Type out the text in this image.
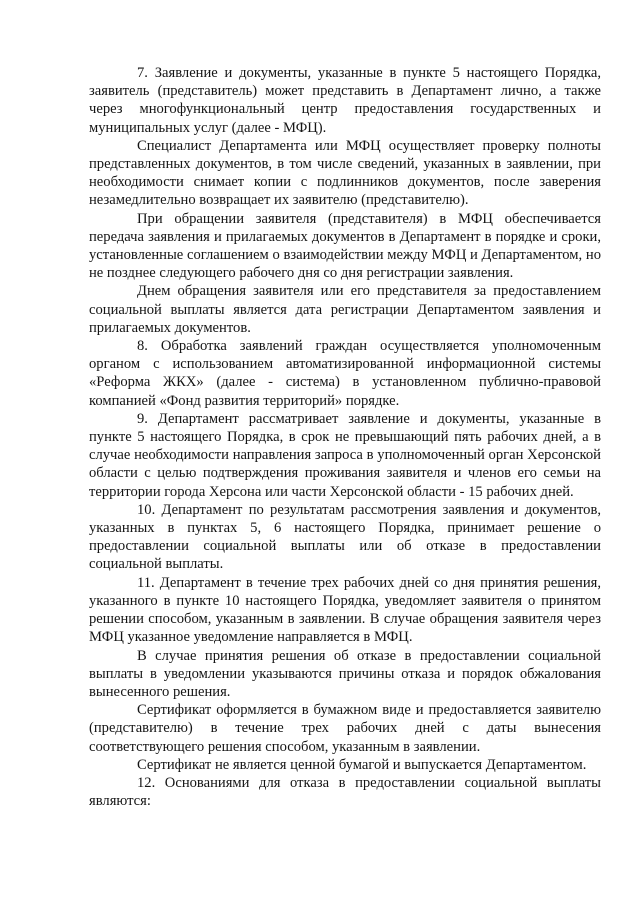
7. Заявление и документы, указанные в пункте 5 настоящего Порядка, заявитель (представитель) может представить в Департамент лично, а также через многофункциональный центр предоставления государственных и муниципальных услуг (далее - МФЦ).

Специалист Департамента или МФЦ осуществляет проверку полноты представленных документов, в том числе сведений, указанных в заявлении, при необходимости снимает копии с подлинников документов, после заверения незамедлительно возвращает их заявителю (представителю).

При обращении заявителя (представителя) в МФЦ обеспечивается передача заявления и прилагаемых документов в Департамент в порядке и сроки, установленные соглашением о взаимодействии между МФЦ и Департаментом, но не позднее следующего рабочего дня со дня регистрации заявления.

Днем обращения заявителя или его представителя за предоставлением социальной выплаты является дата регистрации Департаментом заявления и прилагаемых документов.

8. Обработка заявлений граждан осуществляется уполномоченным органом с использованием автоматизированной информационной системы «Реформа ЖКХ» (далее - система) в установленном публично-правовой компанией «Фонд развития территорий» порядке.

9. Департамент рассматривает заявление и документы, указанные в пункте 5 настоящего Порядка, в срок не превышающий пять рабочих дней, а в случае необходимости направления запроса в уполномоченный орган Херсонской области с целью подтверждения проживания заявителя и членов его семьи на территории города Херсона или части Херсонской области - 15 рабочих дней.

10. Департамент по результатам рассмотрения заявления и документов, указанных в пунктах 5, 6 настоящего Порядка, принимает решение о предоставлении социальной выплаты или об отказе в предоставлении социальной выплаты.

11. Департамент в течение трех рабочих дней со дня принятия решения, указанного в пункте 10 настоящего Порядка, уведомляет заявителя о принятом решении способом, указанным в заявлении. В случае обращения заявителя через МФЦ указанное уведомление направляется в МФЦ.

В случае принятия решения об отказе в предоставлении социальной выплаты в уведомлении указываются причины отказа и порядок обжалования вынесенного решения.

Сертификат оформляется в бумажном виде и предоставляется заявителю (представителю) в течение трех рабочих дней с даты вынесения соответствующего решения способом, указанным в заявлении.

Сертификат не является ценной бумагой и выпускается Департаментом.

12. Основаниями для отказа в предоставлении социальной выплаты являются:
